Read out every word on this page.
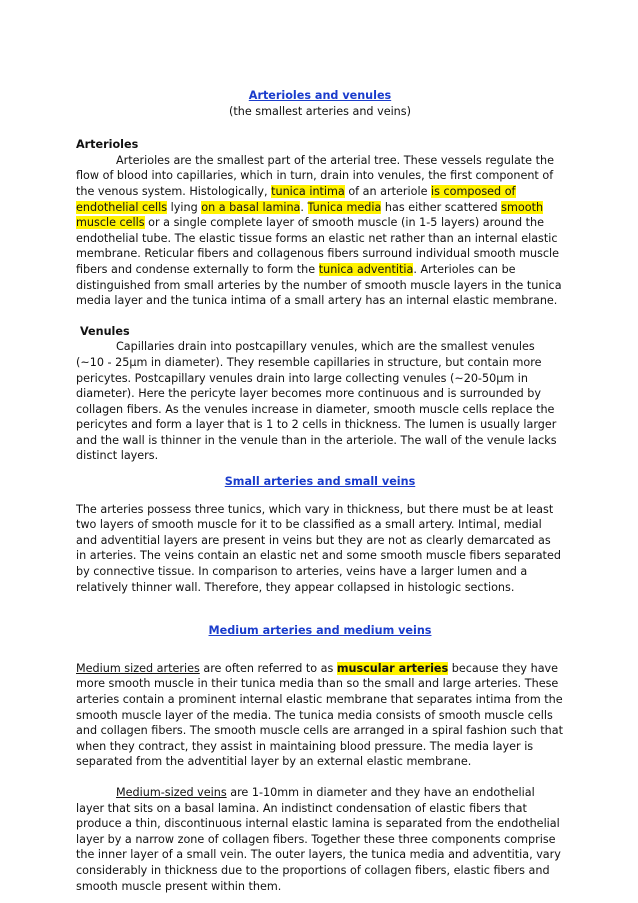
Arterioles and venules
(the smallest arteries and veins)
Arterioles

Arterioles are the smallest part of the arterial tree. These vessels regulate the flow of blood into capillaries, which in turn, drain into venules, the first component of the venous system. Histologically, tunica intima of an arteriole is composed of endothelial cells lying on a basal lamina. Tunica media has either scattered smooth muscle cells or a single complete layer of smooth muscle (in 1-5 layers) around the endothelial tube. The elastic tissue forms an elastic net rather than an internal elastic membrane. Reticular fibers and collagenous fibers surround individual smooth muscle fibers and condense externally to form the tunica adventitia. Arterioles can be distinguished from small arteries by the number of smooth muscle layers in the tunica media layer and the tunica intima of a small artery has an internal elastic membrane.

Venules

Capillaries drain into postcapillary venules, which are the smallest venules (~10 - 25µm in diameter). They resemble capillaries in structure, but contain more pericytes. Postcapillary venules drain into large collecting venules (~20-50µm in diameter). Here the pericyte layer becomes more continuous and is surrounded by collagen fibers. As the venules increase in diameter, smooth muscle cells replace the pericytes and form a layer that is 1 to 2 cells in thickness. The lumen is usually larger and the wall is thinner in the venule than in the arteriole. The wall of the venule lacks distinct layers.

Small arteries and small veins

The arteries possess three tunics, which vary in thickness, but there must be at least two layers of smooth muscle for it to be classified as a small artery. Intimal, medial and adventitial layers are present in veins but they are not as clearly demarcated as in arteries. The veins contain an elastic net and some smooth muscle fibers separated by connective tissue. In comparison to arteries, veins have a larger lumen and a relatively thinner wall. Therefore, they appear collapsed in histologic sections.

Medium arteries and medium veins

Medium sized arteries are often referred to as muscular arteries because they have more smooth muscle in their tunica media than so the small and large arteries. These arteries contain a prominent internal elastic membrane that separates intima from the smooth muscle layer of the media. The tunica media consists of smooth muscle cells and collagen fibers. The smooth muscle cells are arranged in a spiral fashion such that when they contract, they assist in maintaining blood pressure. The media layer is separated from the adventitial layer by an external elastic membrane.

Medium-sized veins are 1-10mm in diameter and they have an endothelial layer that sits on a basal lamina. An indistinct condensation of elastic fibers that produce a thin, discontinuous internal elastic lamina is separated from the endothelial layer by a narrow zone of collagen fibers. Together these three components comprise the inner layer of a small vein. The outer layers, the tunica media and adventitia, vary considerably in thickness due to the proportions of collagen fibers, elastic fibers and smooth muscle present within them.
